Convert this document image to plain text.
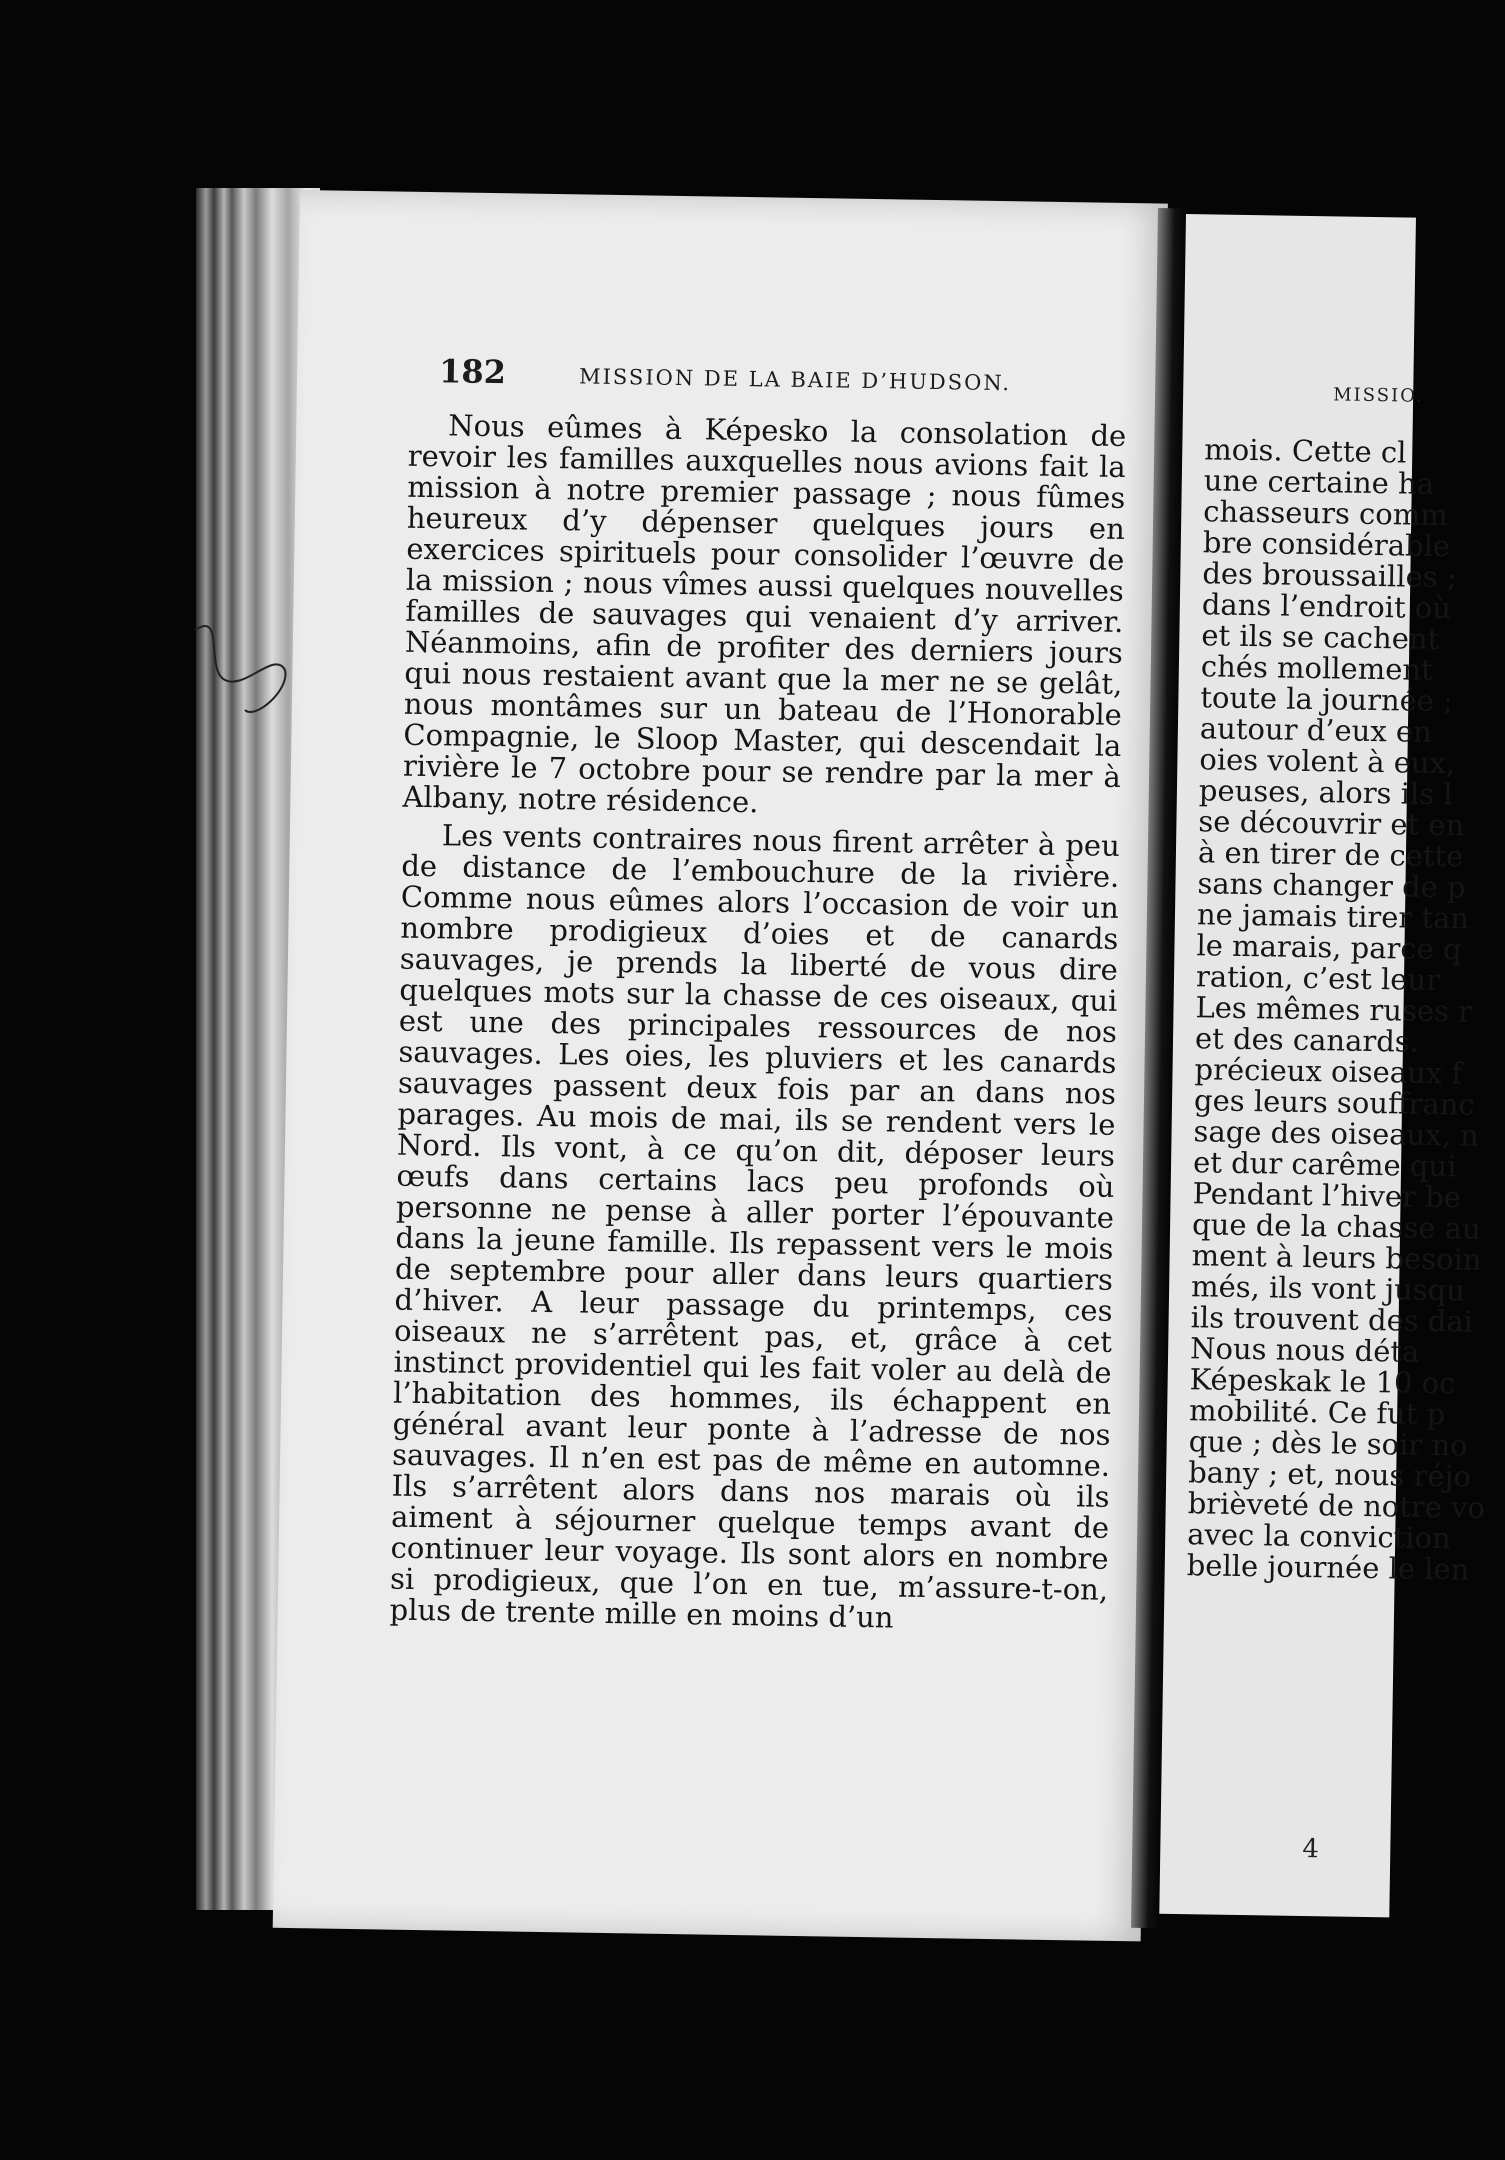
182	MISSION DE LA BAIE D’HUDSON.

Nous eûmes à Képesko la consolation de revoir les familles auxquelles nous avions fait la mission à notre premier passage ; nous fûmes heureux d’y dépenser quelques jours en exercices spirituels pour consolider l’œuvre de la mission ; nous vîmes aussi quelques nouvelles familles de sauvages qui venaient d’y arriver. Néanmoins, afin de profiter des derniers jours qui nous restaient avant que la mer ne se gelât, nous montâmes sur un bateau de l’Honorable Compagnie, le Sloop Master, qui descendait la rivière le 7 octobre pour se rendre par la mer à Albany, notre résidence.

Les vents contraires nous firent arrêter à peu de distance de l’embouchure de la rivière. Comme nous eûmes alors l’occasion de voir un nombre prodigieux d’oies et de canards sauvages, je prends la liberté de vous dire quelques mots sur la chasse de ces oiseaux, qui est une des principales ressources de nos sauvages. Les oies, les pluviers et les canards sauvages passent deux fois par an dans nos parages. Au mois de mai, ils se rendent vers le Nord. Ils vont, à ce qu’on dit, déposer leurs œufs dans certains lacs peu profonds où personne ne pense à aller porter l’épouvante dans la jeune famille. Ils repassent vers le mois de septembre pour aller dans leurs quartiers d’hiver. A leur passage du printemps, ces oiseaux ne s’arrêtent pas, et, grâce à cet instinct providentiel qui les fait voler au delà de l’habitation des hommes, ils échappent en général avant leur ponte à l’adresse de nos sauvages. Il n’en est pas de même en automne. Ils s’arrêtent alors dans nos marais où ils aiment à séjourner quelque temps avant de continuer leur voyage. Ils sont alors en nombre si prodigieux, que l’on en tue, m’assure-t-on, plus de trente mille en moins d’un

MISSIO.
mois. Cette cl
une certaine ha
chasseurs comm
bre considérable
des broussailles ;
dans l’endroit où
et ils se cachent
chés mollement
toute la journée ;
autour d’eux en
oies volent à eux,
peuses, alors ils l
se découvrir et en
à en tirer de cette
sans changer de p
ne jamais tirer tan
le marais, parce q
ration, c’est leur
Les mêmes ruses r
et des canards.
précieux oiseaux f
ges leurs souffranc
sage des oiseaux, n
et dur carême qui
Pendant l’hiver be
que de la chasse au
ment à leurs besoin
més, ils vont jusqu
ils trouvent des dai
Nous nous déta
Képeskak le 10 oc
mobilité. Ce fut p
que ; dès le soir no
bany ; et, nous réjo
brièveté de notre vo
avec la conviction
belle journée le len
4
